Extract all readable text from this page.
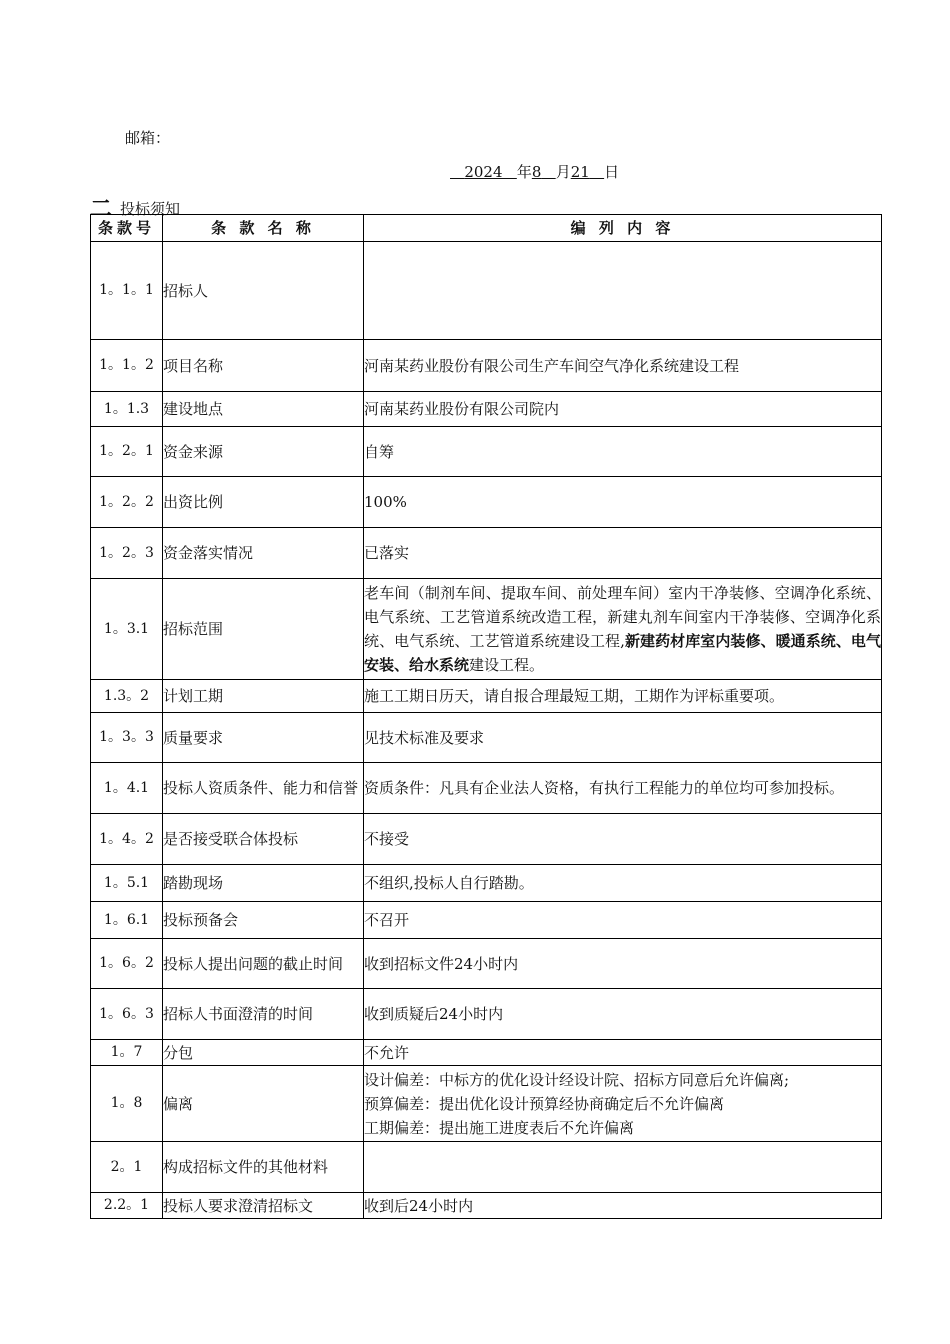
邮箱：
2024 年8 月21 日
二 投标须知
条款号	条 款 名 称	编 列 内 容
1。1。1	招标人	
1。1。2	项目名称	河南某药业股份有限公司生产车间空气净化系统建设工程
1。1.3	建设地点	河南某药业股份有限公司院内
1。2。1	资金来源	自筹
1。2。2	出资比例	100%
1。2。3	资金落实情况	已落实
1。3.1	招标范围	老车间（制剂车间、提取车间、前处理车间）室内干净装修、空调净化系统、电气系统、工艺管道系统改造工程，新建丸剂车间室内干净装修、空调净化系统、电气系统、工艺管道系统建设工程,新建药材库室内装修、暖通系统、电气安装、给水系统建设工程。
1.3。2	计划工期	施工工期日历天，请自报合理最短工期，工期作为评标重要项。
1。3。3	质量要求	见技术标准及要求
1。4.1	投标人资质条件、能力和信誉	资质条件：凡具有企业法人资格，有执行工程能力的单位均可参加投标。
1。4。2	是否接受联合体投标	不接受
1。5.1	踏勘现场	不组织,投标人自行踏勘。
1。6.1	投标预备会	不召开
1。6。2	投标人提出问题的截止时间	收到招标文件24小时内
1。6。3	招标人书面澄清的时间	收到质疑后24小时内
1。7	分包	不允许
1。8	偏离	设计偏差：中标方的优化设计经设计院、招标方同意后允许偏离;
预算偏差：提出优化设计预算经协商确定后不允许偏离
工期偏差：提出施工进度表后不允许偏离

2。1	构成招标文件的其他材料	
2.2。1	投标人要求澄清招标文	收到后24小时内
